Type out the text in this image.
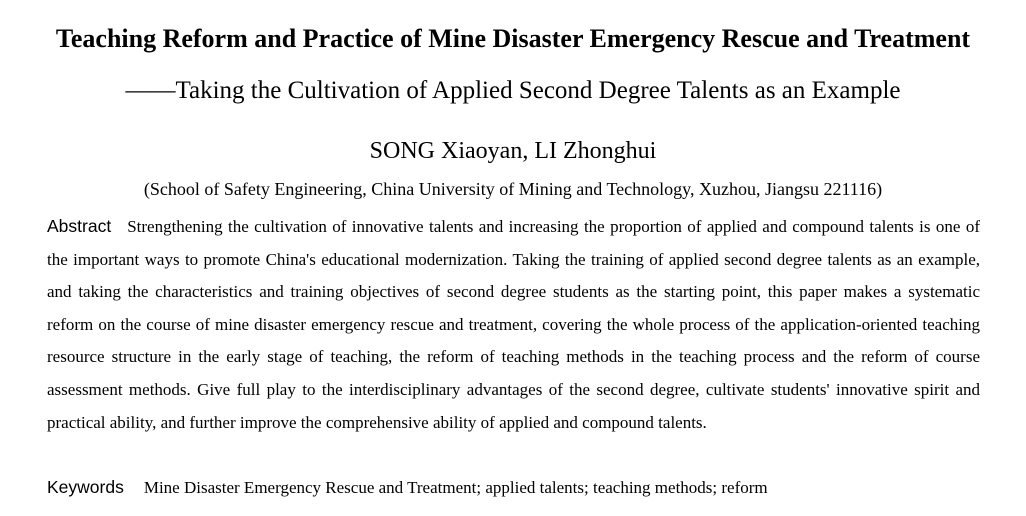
Teaching Reform and Practice of Mine Disaster Emergency Rescue and Treatment
——Taking the Cultivation of Applied Second Degree Talents as an Example
SONG Xiaoyan, LI Zhonghui
(School of Safety Engineering, China University of Mining and Technology, Xuzhou, Jiangsu 221116)
Abstract Strengthening the cultivation of innovative talents and increasing the proportion of applied and compound talents is one of the important ways to promote China's educational modernization. Taking the training of applied second degree talents as an example, and taking the characteristics and training objectives of second degree students as the starting point, this paper makes a systematic reform on the course of mine disaster emergency rescue and treatment, covering the whole process of the application-oriented teaching resource structure in the early stage of teaching, the reform of teaching methods in the teaching process and the reform of course assessment methods. Give full play to the interdisciplinary advantages of the second degree, cultivate students' innovative spirit and practical ability, and further improve the comprehensive ability of applied and compound talents.
Keywords Mine Disaster Emergency Rescue and Treatment; applied talents; teaching methods; reform
